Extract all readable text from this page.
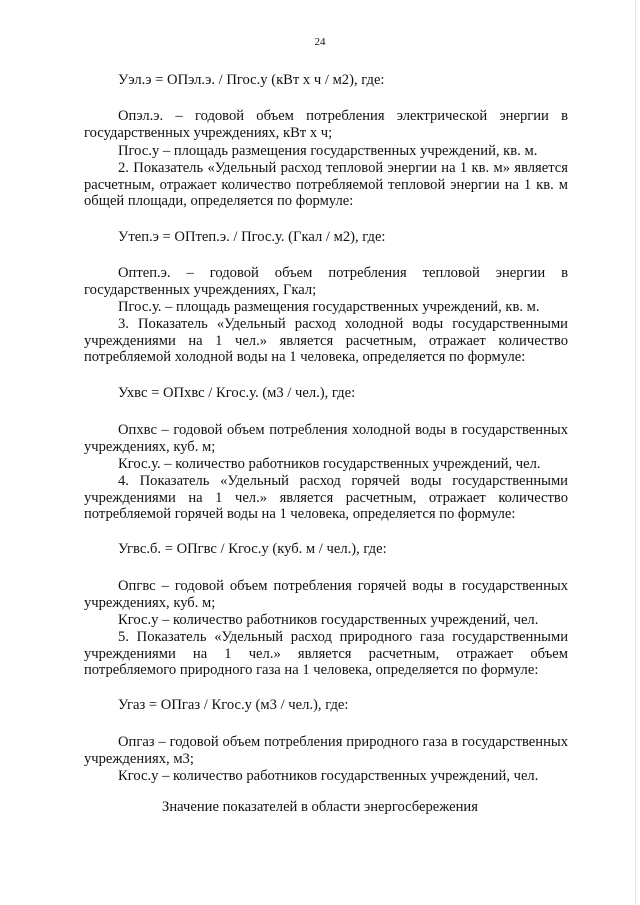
24
Уэл.э = ОПэл.э. / Пгос.у (кВт х ч / м2), где:
Опэл.э. – годовой объем потребления электрической энергии в государственных учреждениях, кВт х ч;
Пгос.у – площадь размещения государственных учреждений, кв. м.
2. Показатель «Удельный расход тепловой энергии на 1 кв. м» является расчетным, отражает количество потребляемой тепловой энергии на 1 кв. м общей площади, определяется по формуле:
Утеп.э = ОПтеп.э. / Пгос.у. (Гкал / м2), где:
Оптеп.э. – годовой объем потребления тепловой энергии в государственных учреждениях, Гкал;
Пгос.у. – площадь размещения государственных учреждений, кв. м.
3. Показатель «Удельный расход холодной воды государственными учреждениями на 1 чел.» является расчетным, отражает количество потребляемой холодной воды на 1 человека, определяется по формуле:
Ухвс = ОПхвс / Кгос.у. (м3 / чел.), где:
Опхвс – годовой объем потребления холодной воды в государственных учреждениях, куб. м;
Кгос.у. – количество работников государственных учреждений, чел.
4. Показатель «Удельный расход горячей воды государственными учреждениями на 1 чел.» является расчетным, отражает количество потребляемой горячей воды на 1 человека, определяется по формуле:
Угвс.б. = ОПгвс / Кгос.у (куб. м / чел.), где:
Опгвс – годовой объем потребления горячей воды в государственных учреждениях, куб. м;
Кгос.у – количество работников государственных учреждений, чел.
5. Показатель «Удельный расход природного газа государственными учреждениями на 1 чел.» является расчетным, отражает объем потребляемого природного газа на 1 человека, определяется по формуле:
Угаз = ОПгаз / Кгос.у (м3 / чел.), где:
Опгаз – годовой объем потребления природного газа в государственных учреждениях, м3;
Кгос.у – количество работников государственных учреждений, чел.
Значение показателей в области энергосбережения
